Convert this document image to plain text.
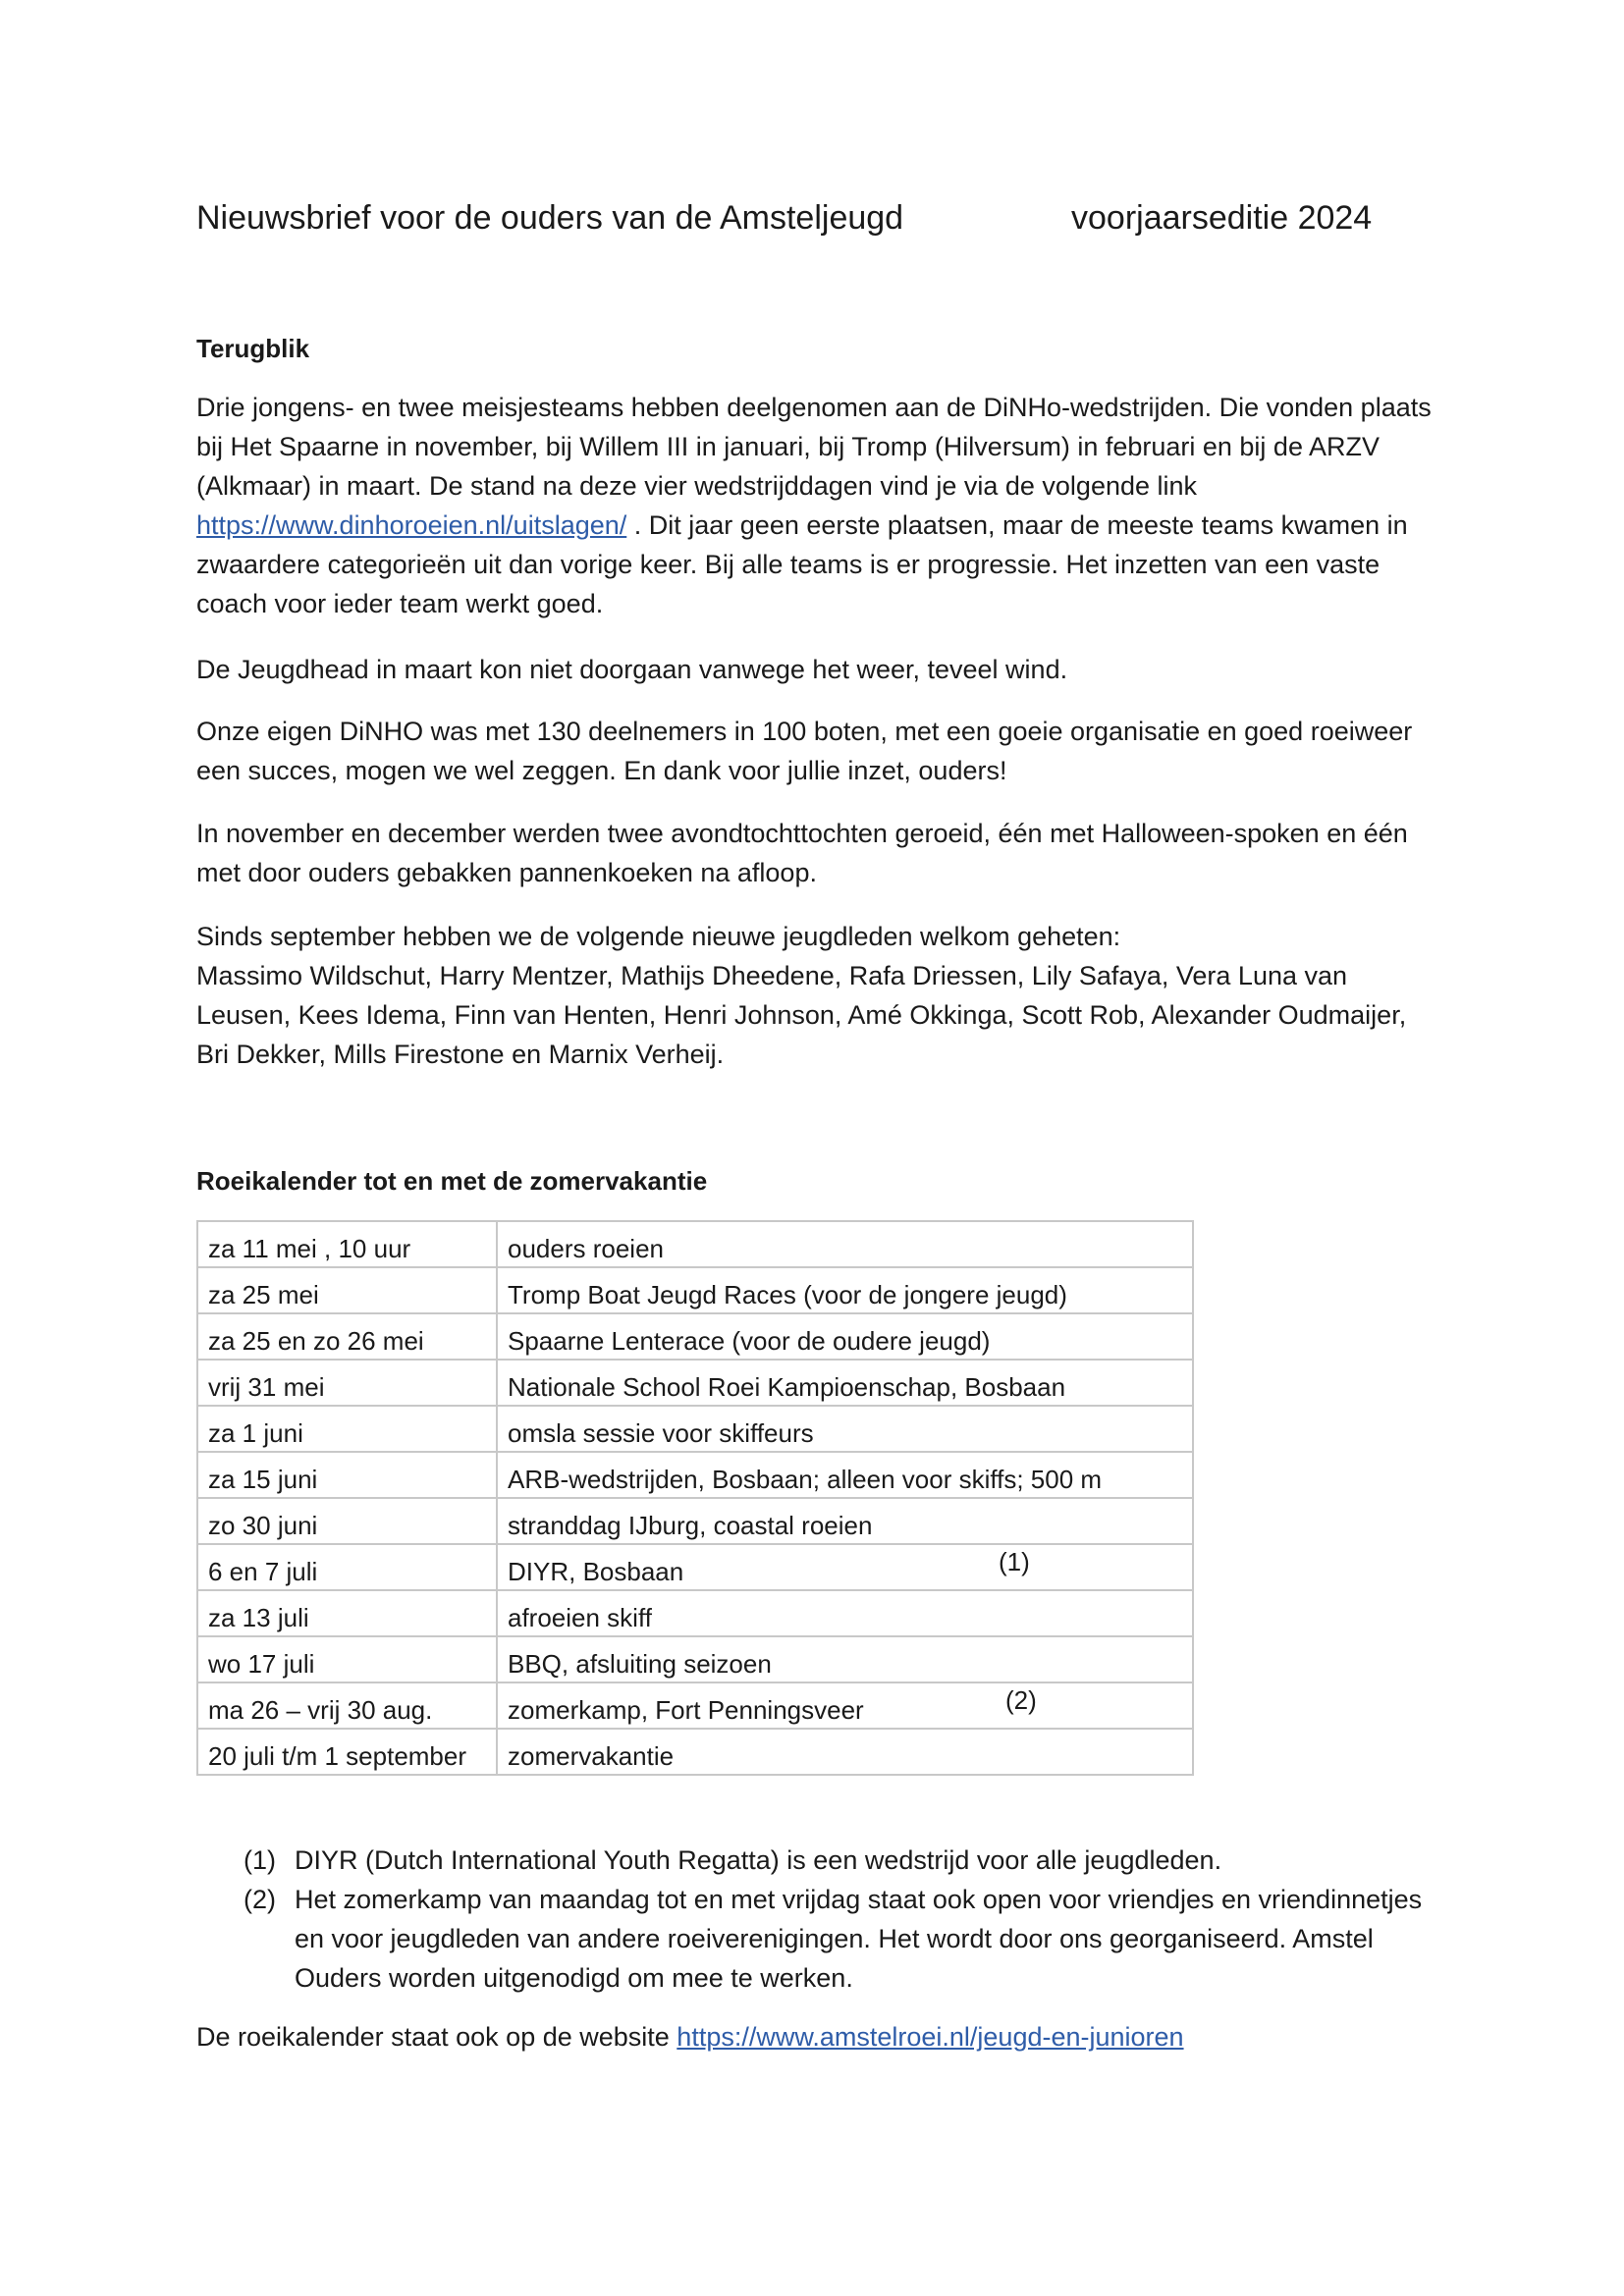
Nieuwsbrief voor de ouders van de Amsteljeugd	voorjaarseditie 2024

Terugblik

Drie jongens- en twee meisjesteams hebben deelgenomen aan de DiNHo-wedstrijden. Die vonden plaats bij Het Spaarne in november, bij Willem III in januari, bij Tromp (Hilversum) in februari en bij de ARZV (Alkmaar) in maart. De stand na deze vier wedstrijddagen vind je via de volgende link https://www.dinhoroeien.nl/uitslagen/ . Dit jaar geen eerste plaatsen, maar de meeste teams kwamen in zwaardere categorieën uit dan vorige keer. Bij alle teams is er progressie. Het inzetten van een vaste coach voor ieder team werkt goed.

De Jeugdhead in maart kon niet doorgaan vanwege het weer, teveel wind.

Onze eigen DiNHO was met 130 deelnemers in 100 boten, met een goeie organisatie en goed roeiweer een succes, mogen we wel zeggen. En dank voor jullie inzet, ouders!

In november en december werden twee avondtochttochten geroeid, één met Halloween-spoken en één met door ouders gebakken pannenkoeken na afloop.

Sinds september hebben we de volgende nieuwe jeugdleden welkom geheten:
Massimo Wildschut, Harry Mentzer, Mathijs Dheedene, Rafa Driessen, Lily Safaya, Vera Luna van Leusen, Kees Idema, Finn van Henten, Henri Johnson, Amé Okkinga, Scott Rob, Alexander Oudmaijer, Bri Dekker, Mills Firestone en Marnix Verheij.

Roeikalender tot en met de zomervakantie

za 11 mei , 10 uur	ouders roeien
za 25 mei	Tromp Boat Jeugd Races (voor de jongere jeugd)
za 25 en zo 26 mei	Spaarne Lenterace (voor de oudere jeugd)
vrij 31 mei	Nationale School Roei Kampioenschap, Bosbaan
za 1 juni	omsla sessie voor skiffeurs
za 15 juni	ARB-wedstrijden, Bosbaan; alleen voor skiffs; 500 m
zo 30 juni	stranddag IJburg, coastal roeien
6 en 7 juli	DIYR, Bosbaan (1)

za 13 juli	afroeien skiff
wo 17 juli	BBQ, afsluiting seizoen
ma 26 – vrij 30 aug.	zomerkamp, Fort Penningsveer (2)

20 juli t/m 1 september	zomervakantie
(1) DIYR (Dutch International Youth Regatta) is een wedstrijd voor alle jeugdleden.
(2) Het zomerkamp van maandag tot en met vrijdag staat ook open voor vriendjes en vriendinnetjes en voor jeugdleden van andere roeiverenigingen. Het wordt door ons georganiseerd. Amstel Ouders worden uitgenodigd om mee te werken.

De roeikalender staat ook op de website https://www.amstelroei.nl/jeugd-en-junioren
